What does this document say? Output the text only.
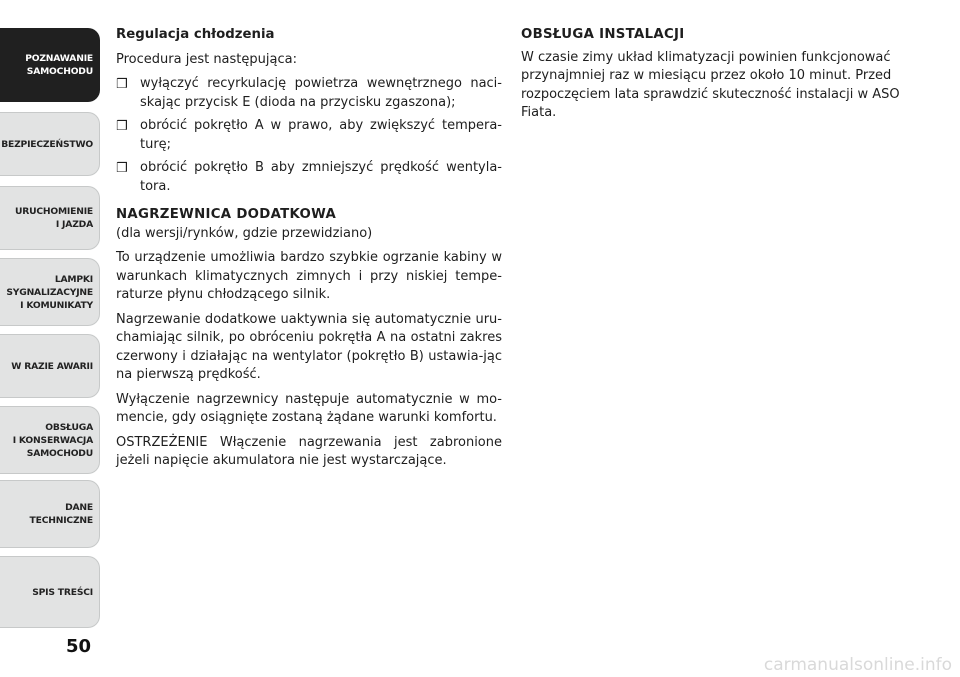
POZNAWANIE
SAMOCHODU
BEZPIECZEŃSTWO
URUCHOMIENIE
I JAZDA
LAMPKI
SYGNALIZACYJNE
I KOMUNIKATY
W RAZIE AWARII
OBSŁUGA
I KONSERWACJA
SAMOCHODU
DANE
TECHNICZNE
SPIS TREŚCI
50
Regulacja chłodzenia

Procedura jest następująca:

❒ wyłączyć recyrkulację powietrza wewnętrznego naci-skając przycisk E (dioda na przycisku zgaszona);
❒ obrócić pokrętło A w prawo, aby zwiększyć tempera-turę;
❒ obrócić pokrętło B aby zmniejszyć prędkość wentyla-tora.
NAGRZEWNICA DODATKOWA
(dla wersji/rynków, gdzie przewidziano)

To urządzenie umożliwia bardzo szybkie ogrzanie kabiny w warunkach klimatycznych zimnych i przy niskiej tempe-raturze płynu chłodzącego silnik.

Nagrzewanie dodatkowe uaktywnia się automatycznie uru-chamiając silnik, po obróceniu pokrętła A na ostatni zakres czerwony i działając na wentylator (pokrętło B) ustawia-jąc na pierwszą prędkość.

Wyłączenie nagrzewnicy następuje automatycznie w mo-mencie, gdy osiągnięte zostaną żądane warunki komfortu.

OSTRZEŻENIE Włączenie nagrzewania jest zabronione jeżeli napięcie akumulatora nie jest wystarczające.

OBSŁUGA INSTALACJI

W czasie zimy układ klimatyzacji powinien funkcjonować przynajmniej raz w miesiącu przez około 10 minut. Przed rozpoczęciem lata sprawdzić skuteczność instalacji w ASO Fiata.

carmanualsonline.info
